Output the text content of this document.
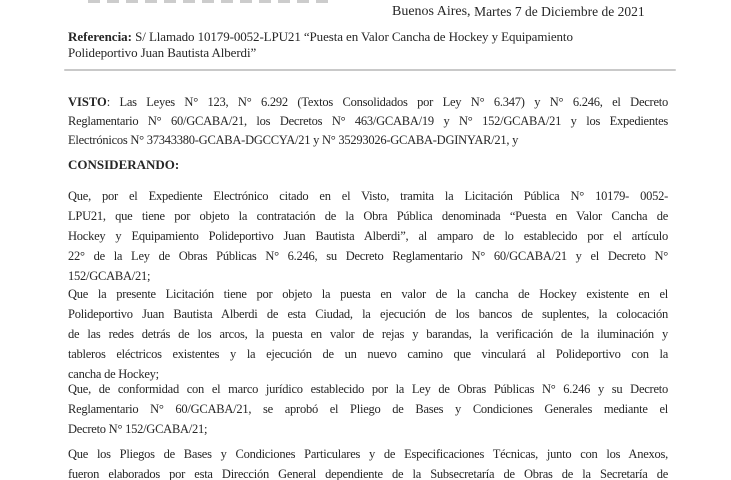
Buenos Aires, Martes 7 de Diciembre de 2021
Referencia: S/ Llamado 10179-0052-LPU21 “Puesta en Valor Cancha de Hockey y Equipamiento
Polideportivo Juan Bautista Alberdi”
VISTO: Las Leyes N° 123, N° 6.292 (Textos Consolidados por Ley N° 6.347) y N° 6.246, el Decreto
Reglamentario N° 60/GCABA/21, los Decretos N° 463/GCABA/19 y N° 152/GCABA/21 y los Expedientes
Electrónicos N° 37343380-GCABA-DGCCYA/21 y N° 35293026-GCABA-DGINYAR/21, y
CONSIDERANDO:
Que, por el Expediente Electrónico citado en el Visto, tramita la Licitación Pública N° 10179- 0052-
LPU21, que tiene por objeto la contratación de la Obra Pública denominada “Puesta en Valor Cancha de
Hockey y Equipamiento Polideportivo Juan Bautista Alberdi”, al amparo de lo establecido por el artículo
22° de la Ley de Obras Públicas N° 6.246, su Decreto Reglamentario N° 60/GCABA/21 y el Decreto N°
152/GCABA/21;
Que la presente Licitación tiene por objeto la puesta en valor de la cancha de Hockey existente en el
Polideportivo Juan Bautista Alberdi de esta Ciudad, la ejecución de los bancos de suplentes, la colocación
de las redes detrás de los arcos, la puesta en valor de rejas y barandas, la verificación de la iluminación y
tableros eléctricos existentes y la ejecución de un nuevo camino que vinculará al Polideportivo con la
cancha de Hockey;
Que, de conformidad con el marco jurídico establecido por la Ley de Obras Públicas N° 6.246 y su Decreto
Reglamentario N° 60/GCABA/21, se aprobó el Pliego de Bases y Condiciones Generales mediante el
Decreto N° 152/GCABA/21;
Que los Pliegos de Bases y Condiciones Particulares y de Especificaciones Técnicas, junto con los Anexos,
fueron elaborados por esta Dirección General dependiente de la Subsecretaría de Obras de la Secretaría de
